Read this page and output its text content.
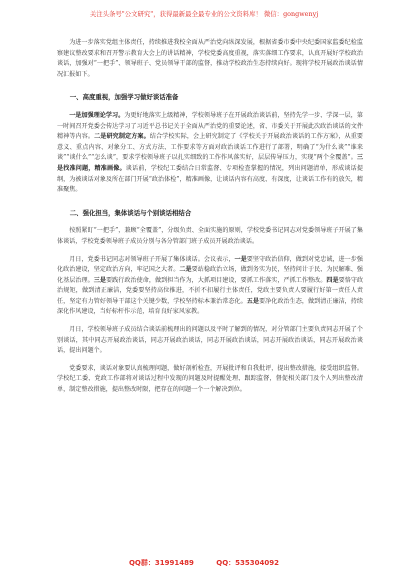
关注头条号"公文研究"，获得最新最全最专业的公文资料库！ 微信：gongwenyj

为进一步落实党组主体责任，持续推进我校全面从严治党向纵深发展，根据省委市委中央纪委国家监委纪检监察建议整改要求和召开警示教育大会上的讲话精神，学校党委高度重视，落实落细工作要求，认真开展好学校政治谈话，加强对“一把手”、领导班子、党员领导干部的监督，推动学校政治生态持续向好。现将学校开展政治谈话情况汇报如下。

一、高度重视，加强学习做好谈话准备

一是加强理论学习。为更好地落实上级精神，学校领导班子在开展政治谈话前，坚持先学一步、学深一层，第一时间召开党委会传达学习了习近平总书记关于全面从严治党的重要论述，省、市委关于开展此次政治谈话的文件精神等内容。二是研究制定方案。结合学校实际，会上研究制定了《学校关于开展政治谈话的工作方案》，从重要意义、重点内容、对象分工、方式方法、工作要求等方面对政治谈话工作进行了部署，明确了“为什么谈”“谁来谈”“谈什么”“怎么谈”，要求学校领导班子以扎实细致的工作作风落实好，层层传导压力，实现“两个全覆盖”。三是找准问题，精准画像。谈话前，学校纪工委结合日常监督、专项检查掌握的情况，列出问题清单，形成谈话提纲，为被谈话对象及所在部门开展“政治体检”，精准画像，让谈话内容有高度、有深度，让谈话工作有的放矢，精准聚焦。

二、强化担当，集体谈话与个别谈话相结合

按照紧盯“一把手”，兼顾“全覆盖”，分级负责、全面实施的原则，学校党委书记同志对党委领导班子开展了集体谈话，学校党委领导班子成员分别与各分管部门班子成员开展政治谈话。

月日，党委书记同志对领导班子开展了集体谈话。会议表示，一是要坚守政治信仰，做到对党忠诚，进一步强化政治建设，坚定政治方向，牢记国之大者。二是要站稳政治立场，做到务实为民，坚持问计于民、为民解难、强化基层治理。三是要践行政治使命，做到担当作为，大抓项目建设，要抓工作落实，严抓工作整改。四是要恪守政治规矩，做到清正廉洁，党委要坚持高位推进，不折不扣履行主体责任，党政主要负责人要履行好第一责任人责任，坚定有力管好领导干部这个关键少数，学校坚持标本兼治常态化。五是要净化政治生态，做到清正廉洁，持续深化作风建设，当好标杆作示范，培育良好家风家教。

月日，学校领导班子成员结合谈话前梳理出的问题以及平时了解到的情况，对分管部门主要负责同志开展了个别谈话，其中同志开展政治谈话，同志开展政治谈话，同志开展政治谈话，同志开展政治谈话，同志开展政治谈话，提出问题个。

党委要求，谈话对象要认真梳理问题，做好剖析检查，开展批评和自我批评，提出整改措施，接受组织监督。学校纪工委、党政工作部将对谈话过程中发现的问题及时提醒处理、跟踪监督，督促相关部门及个人列出整改清单，制定整改措施，提出整改时限，把存在的问题一个一个解决到位。

QQ群：31991489	QQ：535304092
